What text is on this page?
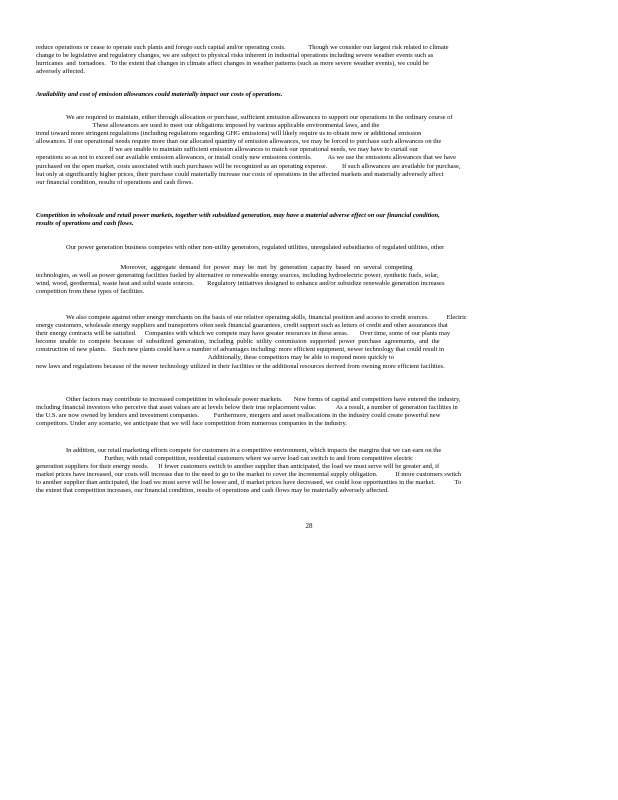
reduce operations or cease to operate such plants and forego such capital and/or operating costs.              Though we consider our largest risk related to climate
change to be legislative and regulatory changes, we are subject to physical risks inherent in industrial operations including severe weather events such as
hurricanes  and  tornadoes.   To the extent that changes in climate affect changes in weather patterns (such as more severe weather events), we could be
adversely affected.
Availability and cost of emission allowances could materially impact our costs of operations.
We are required to maintain, either through allocation or purchase, sufficient emission allowances to support our operations in the ordinary course of
These allowances are used to meet our obligations imposed by various applicable environmental laws, and the
trend toward more stringent regulations (including regulations regarding GHG emissions) will likely require us to obtain new or additional emission
allowances. If our operational needs require more than our allocated quantity of emission allowances, we may be forced to purchase such allowances on the
If we are unable to maintain sufficient emission allowances to match our operational needs, we may have to curtail our
operations so as not to exceed our available emission allowances, or install costly new emissions controls.          As we use the emissions allowances that we have
purchased on the open market, costs associated with such purchases will be recognized as an operating expense.         If such allowances are available for purchase,
but only at significantly higher prices, their purchase could materially increase our costs of operations in the affected markets and materially adversely affect
our financial condition, results of operations and cash flows.
Competition in wholesale and retail power markets, together with subsidized generation, may have a material adverse effect on our financial condition,
results of operations and cash flows.
Our power generation business competes with other non-utility generators, regulated utilities, unregulated subsidiaries of regulated utilities, other
Moreover,  aggregate  demand  for  power  may  be  met  by  generation  capacity  based  on  several  competing
technologies, as well as power generating facilities fueled by alternative or renewable energy sources, including hydroelectric power, synthetic fuels, solar,
wind, wood, geothermal, waste heat and solid waste sources.        Regulatory initiatives designed to enhance and/or subsidize renewable generation increases
competition from these types of facilities.
We also compete against other energy merchants on the basis of our relative operating skills, financial position and access to credit sources.           Electric
energy customers, wholesale energy suppliers and transporters often seek financial guarantees, credit support such as letters of credit and other assurances that
their energy contracts will be satisfied.     Companies with which we compete may have greater resources in these areas.       Over time, some of our plants may
become  unable  to  compete  because  of  subsidized  generation,  including  public  utility  commission  supported  power  purchase  agreements,  and  the
construction of new plants.    Such new plants could have a number of advantages including: more efficient equipment, newer technology that could result in
Additionally, these competitors may be able to respond more quickly to
new laws and regulations because of the newer technology utilized in their facilities or the additional resources derived from owning more efficient facilities.
Other factors may contribute to increased competition in wholesale power markets.       New forms of capital and competitors have entered the industry,
including financial investors who perceive that asset values are at levels below their true replacement value.            As a result, a number of generation facilities in
the U.S. are now owned by lenders and investment companies.         Furthermore, mergers and asset reallocations in the industry could create powerful new
competitors. Under any scenario, we anticipate that we will face competition from numerous companies in the industry.
In addition, our retail marketing efforts compete for customers in a competitive environment, which impacts the margins that we can earn on the
Further, with retail competition, residential customers where we serve load can switch to and from competitive electric
generation suppliers for their energy needs.      If fewer customers switch to another supplier than anticipated, the load we must serve will be greater and, if
market prices have increased, our costs will increase due to the need to go to the market to cover the incremental supply obligation.           If more customers switch
to another supplier than anticipated, the load we must serve will be lower and, if market prices have decreased, we could lose opportunities in the market.            To
the extent that competition increases, our financial condition, results of operations and cash flows may be materially adversely affected.
28
